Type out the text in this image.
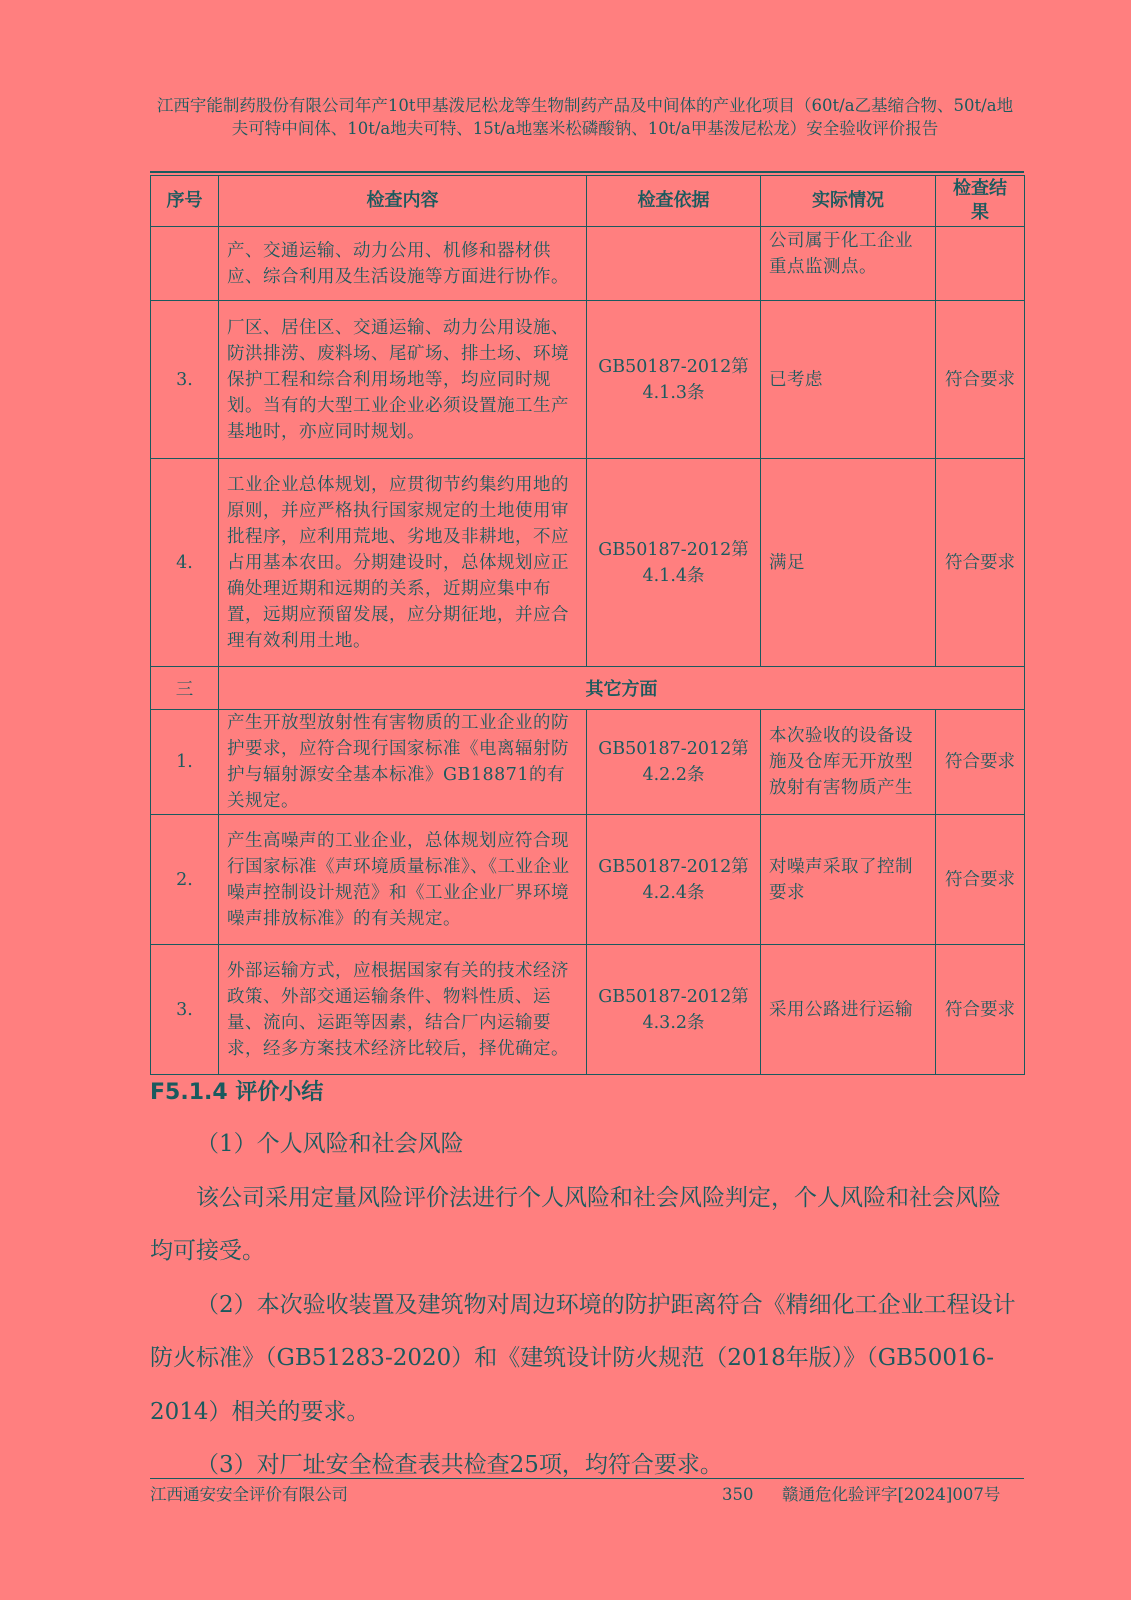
江西宇能制药股份有限公司年产10t甲基泼尼松龙等生物制药产品及中间体的产业化项目（60t/a乙基缩合物、50t/a地夫可特中间体、10t/a地夫可特、15t/a地塞米松磷酸钠、10t/a甲基泼尼松龙）安全验收评价报告
序号	检查内容	检查依据	实际情况	检查结果
	产、交通运输、动力公用、机修和器材供应、综合利用及生活设施等方面进行协作。		公司属于化工企业重点监测点。	
3.	厂区、居住区、交通运输、动力公用设施、防洪排涝、废料场、尾矿场、排土场、环境保护工程和综合利用场地等，均应同时规划。当有的大型工业企业必须设置施工生产基地时，亦应同时规划。	GB50187-2012第4.1.3条	已考虑	符合要求
4.	工业企业总体规划，应贯彻节约集约用地的原则，并应严格执行国家规定的土地使用审批程序，应利用荒地、劣地及非耕地，不应占用基本农田。分期建设时，总体规划应正确处理近期和远期的关系，近期应集中布置，远期应预留发展，应分期征地，并应合理有效利用土地。	GB50187-2012第4.1.4条	满足	符合要求
三	其它方面			
1.	产生开放型放射性有害物质的工业企业的防护要求，应符合现行国家标准《电离辐射防护与辐射源安全基本标准》GB18871的有关规定。	GB50187-2012第4.2.2条	本次验收的设备设施及仓库无开放型放射有害物质产生	符合要求
2.	产生高噪声的工业企业，总体规划应符合现行国家标准《声环境质量标准》、《工业企业噪声控制设计规范》和《工业企业厂界环境噪声排放标准》的有关规定。	GB50187-2012第4.2.4条	对噪声采取了控制要求	符合要求
3.	外部运输方式，应根据国家有关的技术经济政策、外部交通运输条件、物料性质、运量、流向、运距等因素，结合厂内运输要求，经多方案技术经济比较后，择优确定。	GB50187-2012第4.3.2条	采用公路进行运输	符合要求
F5.1.4 评价小结

（1）个人风险和社会风险

该公司采用定量风险评价法进行个人风险和社会风险判定，个人风险和社会风险均可接受。

（2）本次验收装置及建筑物对周边环境的防护距离符合《精细化工企业工程设计防火标准》（GB51283-2020）和《建筑设计防火规范（2018年版）》（GB50016-2014）相关的要求。

（3）对厂址安全检查表共检查25项，均符合要求。

江西通安安全评价有限公司	350 赣通危化验评字[2024]007号
